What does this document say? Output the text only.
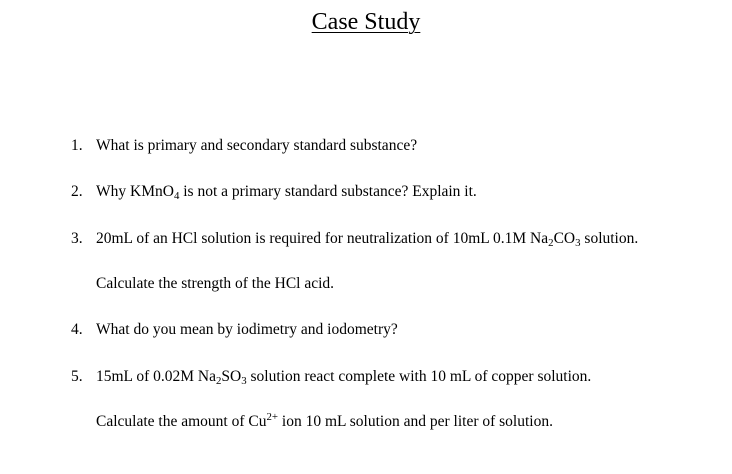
Case Study
1. What is primary and secondary standard substance?
2. Why KMnO$_4$ is not a primary standard substance? Explain it.
3. 20mL of an HCl solution is required for neutralization of 10mL 0.1M $Na_2CO_3$ solution.
Calculate the strength of the HCl acid.
4. What do you mean by iodimetry and iodometry?
5. 15mL of 0.02M $Na_2SO_3$ solution react complete with 10 mL of copper solution.
Calculate the amount of $Cu^{2+}$ ion 10 mL solution and per liter of solution.
